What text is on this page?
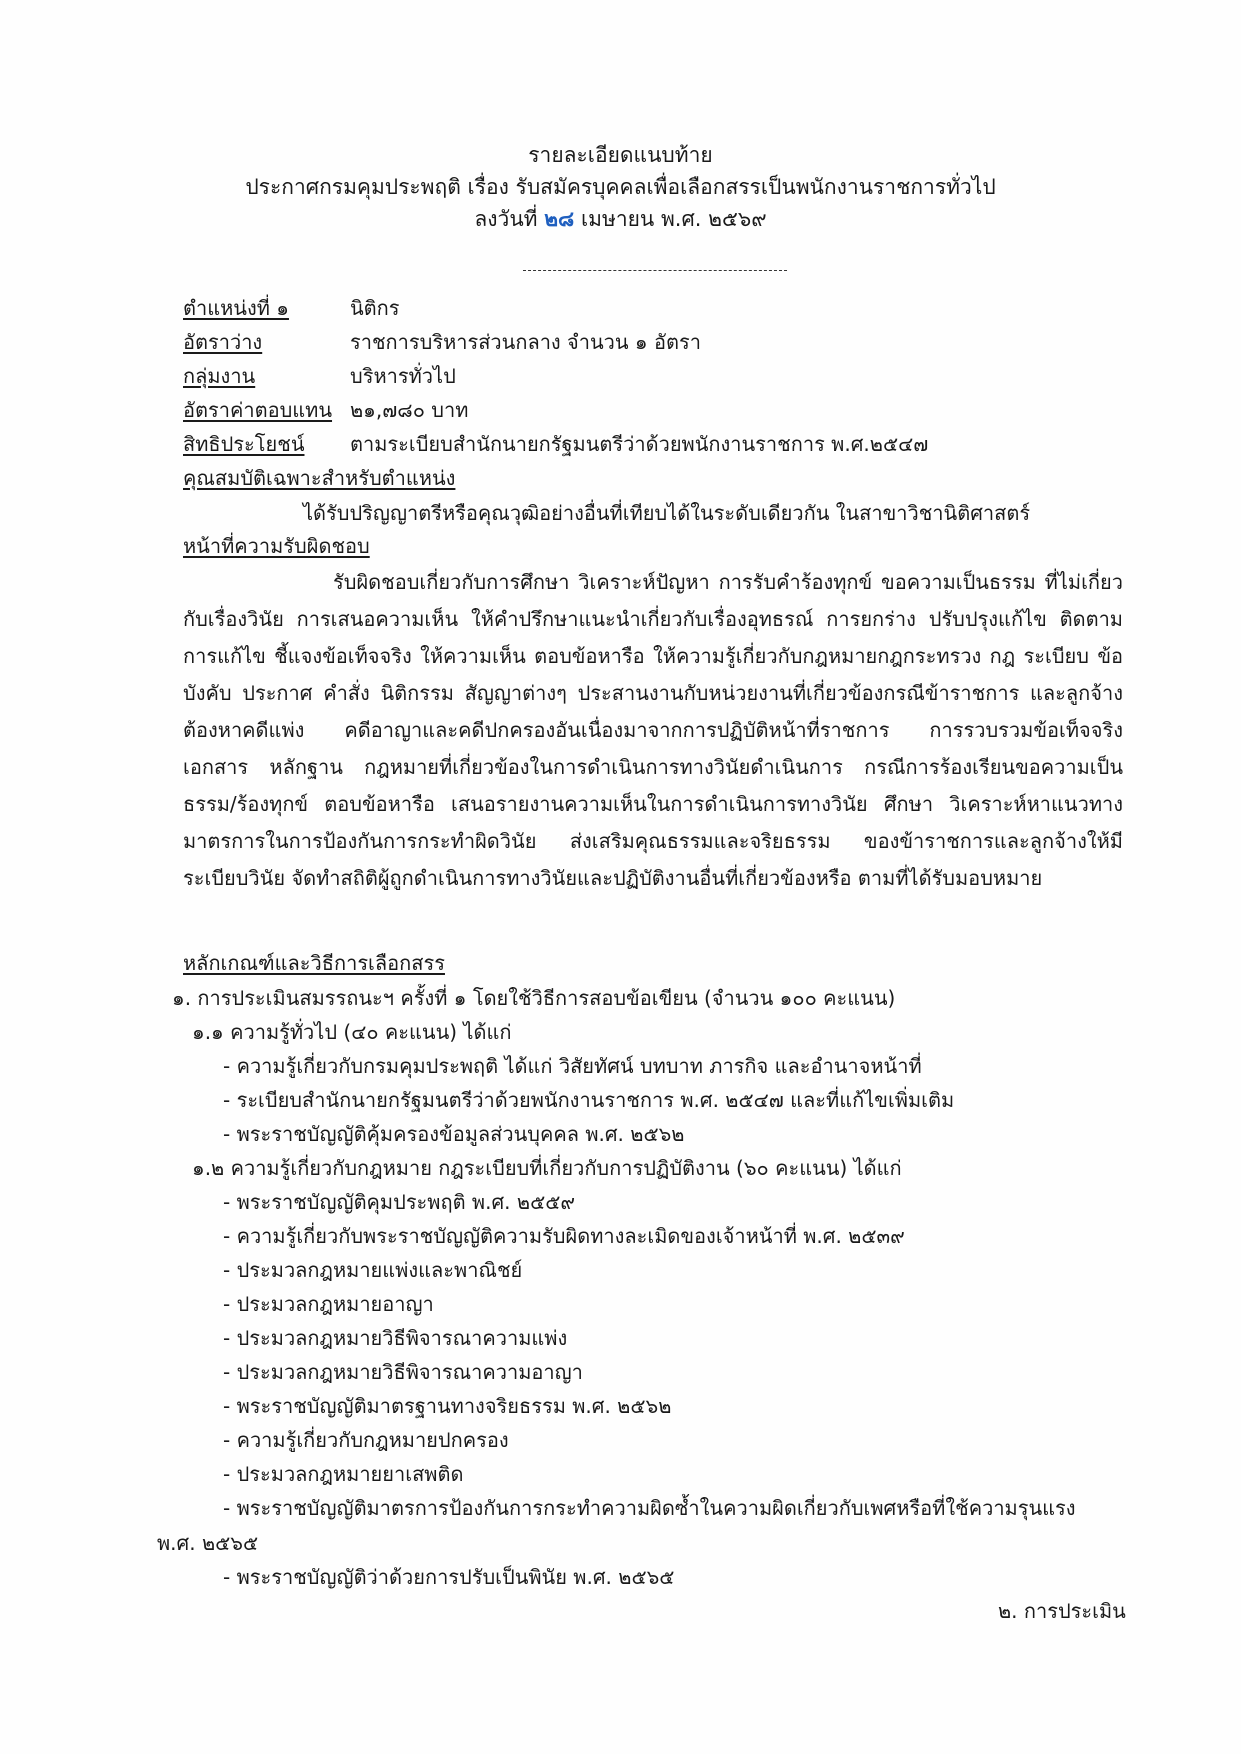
รายละเอียดแนบท้าย
ประกาศกรมคุมประพฤติ เรื่อง รับสมัครบุคคลเพื่อเลือกสรรเป็นพนักงานราชการทั่วไป
ลงวันที่ ๒๘ เมษายน พ.ศ. ๒๕๖๙
ตำแหน่งที่ ๑	นิติกร
อัตราว่าง	ราชการบริหารส่วนกลาง จำนวน ๑ อัตรา
กลุ่มงาน	บริหารทั่วไป
อัตราค่าตอบแทน ๒๑,๗๘๐ บาท
สิทธิประโยชน์ ตามระเบียบสำนักนายกรัฐมนตรีว่าด้วยพนักงานราชการ พ.ศ.๒๕๔๗
คุณสมบัติเฉพาะสำหรับตำแหน่ง
ได้รับปริญญาตรีหรือคุณวุฒิอย่างอื่นที่เทียบได้ในระดับเดียวกัน ในสาขาวิชานิติศาสตร์
หน้าที่ความรับผิดชอบ
รับผิดชอบเกี่ยวกับการศึกษา วิเคราะห์ปัญหา การรับคำร้องทุกข์ ขอความเป็นธรรม ที่ไม่เกี่ยวกับเรื่องวินัย การเสนอความเห็น ให้คำปรึกษาแนะนำเกี่ยวกับเรื่องอุทธรณ์ การยกร่าง ปรับปรุงแก้ไข ติดตามการแก้ไข ชี้แจงข้อเท็จจริง ให้ความเห็น ตอบข้อหารือ ให้ความรู้เกี่ยวกับกฎหมายกฎกระทรวง กฎ ระเบียบ ข้อบังคับ ประกาศ คำสั่ง นิติกรรม สัญญาต่างๆ ประสานงานกับหน่วยงานที่เกี่ยวข้องกรณีข้าราชการ และลูกจ้างต้องหาคดีแพ่ง คดีอาญาและคดีปกครองอันเนื่องมาจากการปฏิบัติหน้าที่ราชการ การรวบรวมข้อเท็จจริง เอกสาร หลักฐาน กฎหมายที่เกี่ยวข้องในการดำเนินการทางวินัยดำเนินการ กรณีการร้องเรียนขอความเป็นธรรม/ร้องทุกข์ ตอบข้อหารือ เสนอรายงานความเห็นในการดำเนินการทางวินัย ศึกษา วิเคราะห์หาแนวทางมาตรการในการป้องกันการกระทำผิดวินัย ส่งเสริมคุณธรรมและจริยธรรม ของข้าราชการและลูกจ้างให้มีระเบียบวินัย จัดทำสถิติผู้ถูกดำเนินการทางวินัยและปฏิบัติงานอื่นที่เกี่ยวข้องหรือ ตามที่ได้รับมอบหมาย
หลักเกณฑ์และวิธีการเลือกสรร
๑. การประเมินสมรรถนะฯ ครั้งที่ ๑ โดยใช้วิธีการสอบข้อเขียน (จำนวน ๑๐๐ คะแนน)
๑.๑ ความรู้ทั่วไป (๔๐ คะแนน) ได้แก่
- ความรู้เกี่ยวกับกรมคุมประพฤติ ได้แก่ วิสัยทัศน์ บทบาท ภารกิจ และอำนาจหน้าที่
- ระเบียบสำนักนายกรัฐมนตรีว่าด้วยพนักงานราชการ พ.ศ. ๒๕๔๗ และที่แก้ไขเพิ่มเติม
- พระราชบัญญัติคุ้มครองข้อมูลส่วนบุคคล พ.ศ. ๒๕๖๒
๑.๒ ความรู้เกี่ยวกับกฎหมาย กฎระเบียบที่เกี่ยวกับการปฏิบัติงาน (๖๐ คะแนน) ได้แก่
- พระราชบัญญัติคุมประพฤติ พ.ศ. ๒๕๕๙
- ความรู้เกี่ยวกับพระราชบัญญัติความรับผิดทางละเมิดของเจ้าหน้าที่ พ.ศ. ๒๕๓๙
- ประมวลกฎหมายแพ่งและพาณิชย์
- ประมวลกฎหมายอาญา
- ประมวลกฎหมายวิธีพิจารณาความแพ่ง
- ประมวลกฎหมายวิธีพิจารณาความอาญา
- พระราชบัญญัติมาตรฐานทางจริยธรรม พ.ศ. ๒๕๖๒
- ความรู้เกี่ยวกับกฎหมายปกครอง
- ประมวลกฎหมายยาเสพติด
- พระราชบัญญัติมาตรการป้องกันการกระทำความผิดซ้ำในความผิดเกี่ยวกับเพศหรือที่ใช้ความรุนแรง
พ.ศ. ๒๕๖๕
- พระราชบัญญัติว่าด้วยการปรับเป็นพินัย พ.ศ. ๒๕๖๕
๒. การประเมิน
